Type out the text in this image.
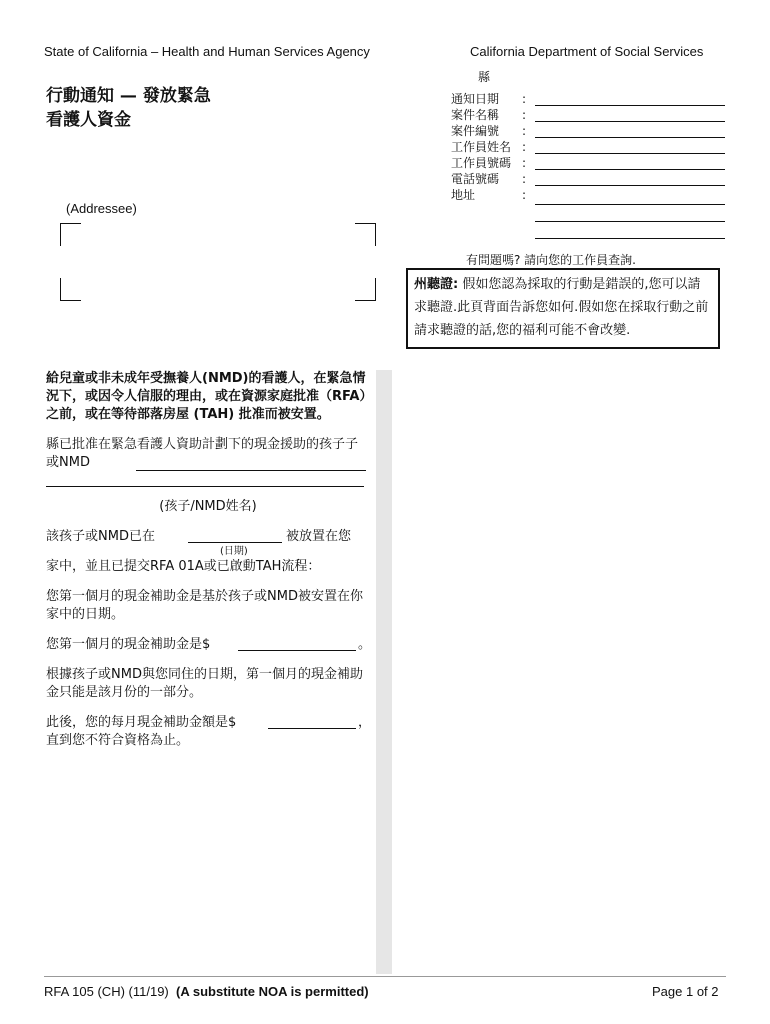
State of California – Health and Human Services Agency	California Department of Social Services
行動通知 — 發放緊急
看護人資金
縣
通知日期 :
案件名稱 :
案件編號 :
工作員姓名 :
工作員號碼 :
電話號碼 :
地址	:
有問題嗎? 請向您的工作員查詢.
(Addressee)
州聽證: 假如您認為採取的行動是錯誤的,您可以請求聽證.此頁背面告訴您如何.假如您在採取行動之前請求聽證的話,您的福利可能不會改變.
給兒童或非未成年受撫養人(NMD)的看護人，在緊急情況下，或因令人信服的理由，或在資源家庭批准（RFA）之前，或在等待部落房屋 (TAH) 批准而被安置。
縣已批准在緊急看護人資助計劃下的現金援助的孩子子或NMD
(孩子/NMD姓名)
該孩子或NMD已在	被放置在您
(日期)
家中，並且已提交RFA 01A或已啟動TAH流程：
您第一個月的現金補助金是基於孩子或NMD被安置在你家中的日期。
您第一個月的現金補助金是$	。
根據孩子或NMD與您同住的日期，第一個月的現金補助金只能是該月份的一部分。
此後，您的每月現金補助金額是$	，
直到您不符合資格為止。
RFA 105 (CH) (11/19) (A substitute NOA is permitted)	Page 1 of 2
